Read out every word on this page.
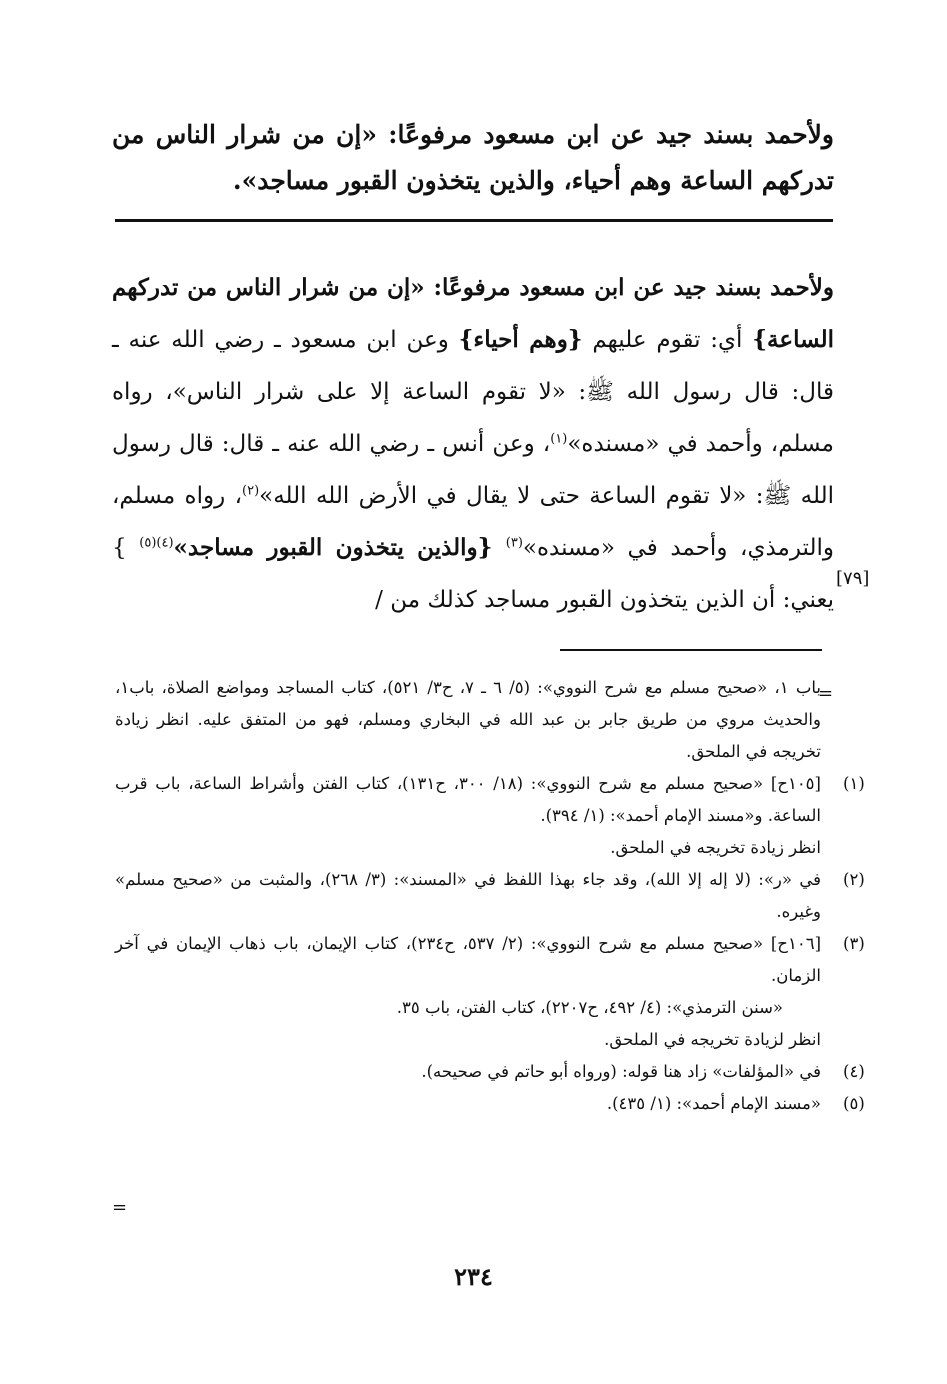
ولأحمد بسند جيد عن ابن مسعود مرفوعًا: «إن من شرار الناس من تدركهم الساعة وهم أحياء، والذين يتخذون القبور مساجد».
ولأحمد بسند جيد عن ابن مسعود مرفوعًا: «إن من شرار الناس من تدركهم الساعة} أي: تقوم عليهم {وهم أحياء} وعن ابن مسعود ـ رضي الله عنه ـ قال: قال رسول الله ﷺ: «لا تقوم الساعة إلا على شرار الناس»، رواه مسلم، وأحمد في «مسنده»$^{(١)}$، وعن أنس ـ رضي الله عنه ـ قال: قال رسول الله ﷺ: «لا تقوم الساعة حتى لا يقال في الأرض الله الله»$^{(٢)}$، رواه مسلم، والترمذي، وأحمد في «مسنده»$^{(٣)}$ {والذين يتخذون القبور مساجد»$^{(٤)(٥)}$ } يعني: أن الذين يتخذون القبور مساجد كذلك من /
[٧٩]
=
باب ١، «صحيح مسلم مع شرح النووي»: (٥/ ٦ ـ ٧، ح٣/ ٥٢١)، كتاب المساجد ومواضع الصلاة، باب١، والحديث مروي من طريق جابر بن عبد الله في البخاري ومسلم، فهو من المتفق عليه. انظر زيادة تخريجه في الملحق.
(١)
[١٠٥ح] «صحيح مسلم مع شرح النووي»: (١٨/ ٣٠٠، ح١٣١)، كتاب الفتن وأشراط الساعة، باب قرب الساعة. و«مسند الإمام أحمد»: (١/ ٣٩٤).
انظر زيادة تخريجه في الملحق.
(٢)
في «ر»: (لا إله إلا الله)، وقد جاء بهذا اللفظ في «المسند»: (٣/ ٢٦٨)، والمثبت من «صحيح مسلم» وغيره.
(٣)
[١٠٦ح] «صحيح مسلم مع شرح النووي»: (٢/ ٥٣٧، ح٢٣٤)، كتاب الإيمان، باب ذهاب الإيمان في آخر الزمان.
«سنن الترمذي»: (٤/ ٤٩٢، ح٢٢٠٧)، كتاب الفتن، باب ٣٥.
انظر لزيادة تخريجه في الملحق.
(٤)
في «المؤلفات» زاد هنا قوله: (ورواه أبو حاتم في صحيحه).
(٥)
«مسند الإمام أحمد»: (١/ ٤٣٥).
=
٢٣٤
